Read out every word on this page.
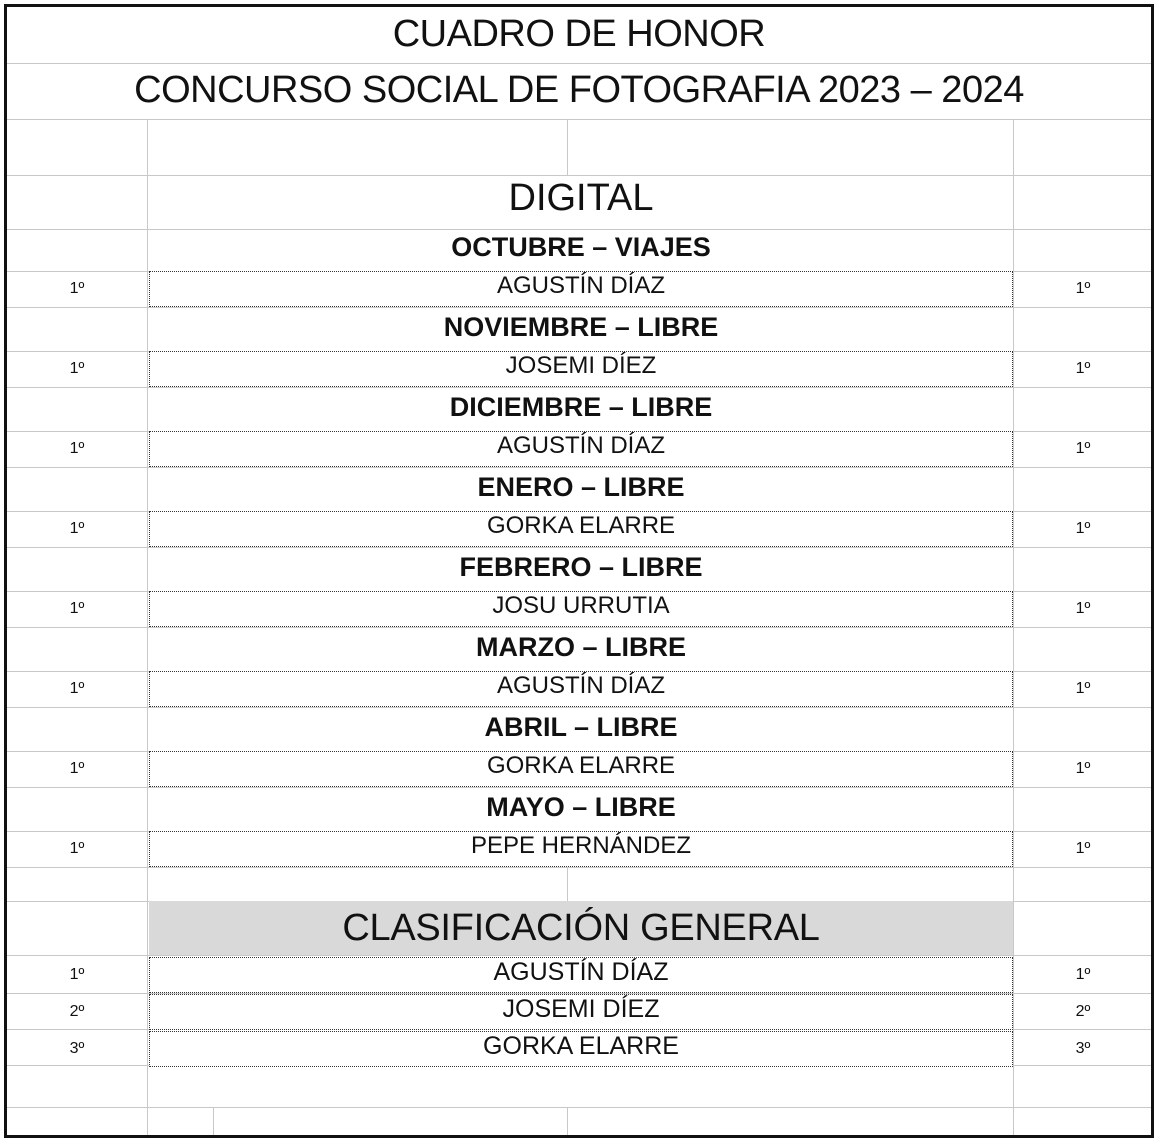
CUADRO DE HONOR
CONCURSO SOCIAL DE FOTOGRAFIA 2023 – 2024
DIGITAL
OCTUBRE – VIAJES
1º	AGUSTÍN DÍAZ	1º
NOVIEMBRE – LIBRE
1º	JOSEMI DÍEZ	1º
DICIEMBRE – LIBRE
1º	AGUSTÍN DÍAZ	1º
ENERO – LIBRE
1º	GORKA ELARRE	1º
FEBRERO – LIBRE
1º	JOSU URRUTIA	1º
MARZO – LIBRE
1º	AGUSTÍN DÍAZ	1º
ABRIL – LIBRE
1º	GORKA ELARRE	1º
MAYO – LIBRE
1º	PEPE HERNÁNDEZ	1º
CLASIFICACIÓN GENERAL
1º	AGUSTÍN DÍAZ	1º
2º	JOSEMI DÍEZ	2º
3º	GORKA ELARRE	3º
